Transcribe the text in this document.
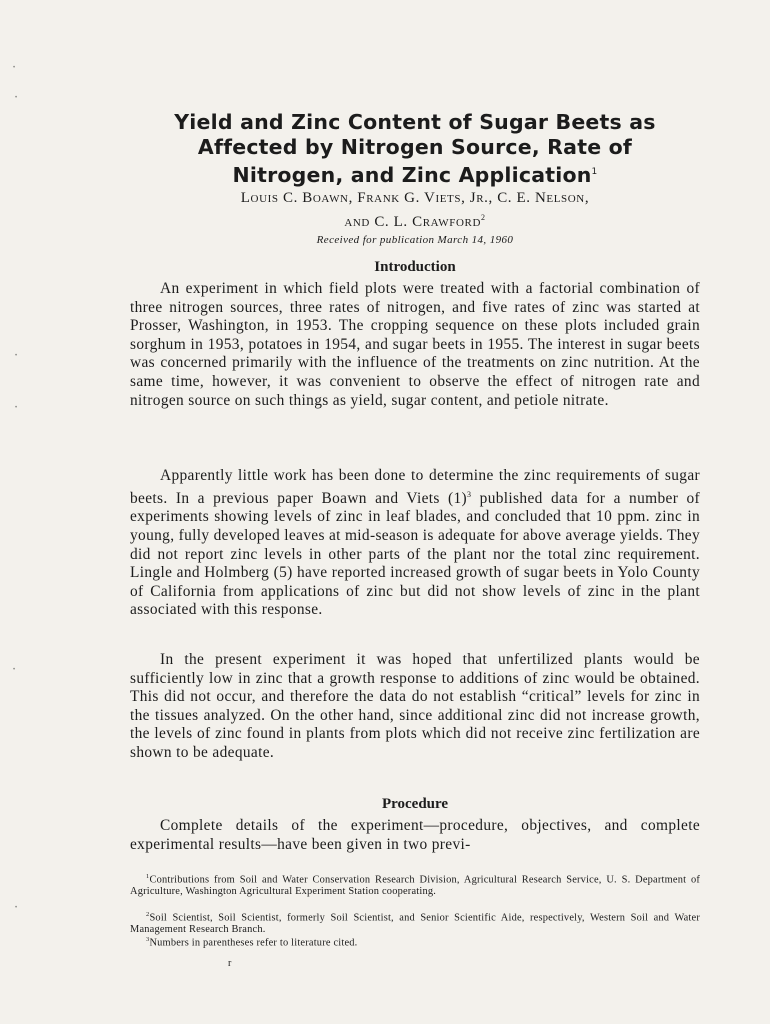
·
·
·
·
·
·
Yield and Zinc Content of Sugar Beets as
Affected by Nitrogen Source, Rate of
Nitrogen, and Zinc Application$^1$
Louis C. Boawn, Frank G. Viets, Jr., C. E. Nelson,
and C. L. Crawford$^2$
Received for publication March 14, 1960
Introduction
An experiment in which field plots were treated with a factorial combination of three nitrogen sources, three rates of nitrogen, and five rates of zinc was started at Prosser, Washington, in 1953. The cropping sequence on these plots included grain sorghum in 1953, potatoes in 1954, and sugar beets in 1955. The interest in sugar beets was concerned primarily with the influence of the treatments on zinc nutrition. At the same time, however, it was convenient to observe the effect of nitrogen rate and nitrogen source on such things as yield, sugar content, and petiole nitrate.
Apparently little work has been done to determine the zinc requirements of sugar beets. In a previous paper Boawn and Viets $(1)^3$ published data for a number of experiments showing levels of zinc in leaf blades, and concluded that 10 ppm. zinc in young, fully developed leaves at mid-season is adequate for above average yields. They did not report zinc levels in other parts of the plant nor the total zinc requirement. Lingle and Holmberg (5) have reported increased growth of sugar beets in Yolo County of California from applications of zinc but did not show levels of zinc in the plant associated with this response.
In the present experiment it was hoped that unfertilized plants would be sufficiently low in zinc that a growth response to additions of zinc would be obtained. This did not occur, and therefore the data do not establish “critical” levels for zinc in the tissues analyzed. On the other hand, since additional zinc did not increase growth, the levels of zinc found in plants from plots which did not receive zinc fertilization are shown to be adequate.
Procedure
Complete details of the experiment—procedure, objectives, and complete experimental results—have been given in two previ-
$^1$Contributions from Soil and Water Conservation Research Division, Agricultural Research Service, U. S. Department of Agriculture, Washington Agricultural Experiment Station cooperating.
$^2$Soil Scientist, Soil Scientist, formerly Soil Scientist, and Senior Scientific Aide, respectively, Western Soil and Water Management Research Branch.
$^3$Numbers in parentheses refer to literature cited.
r
